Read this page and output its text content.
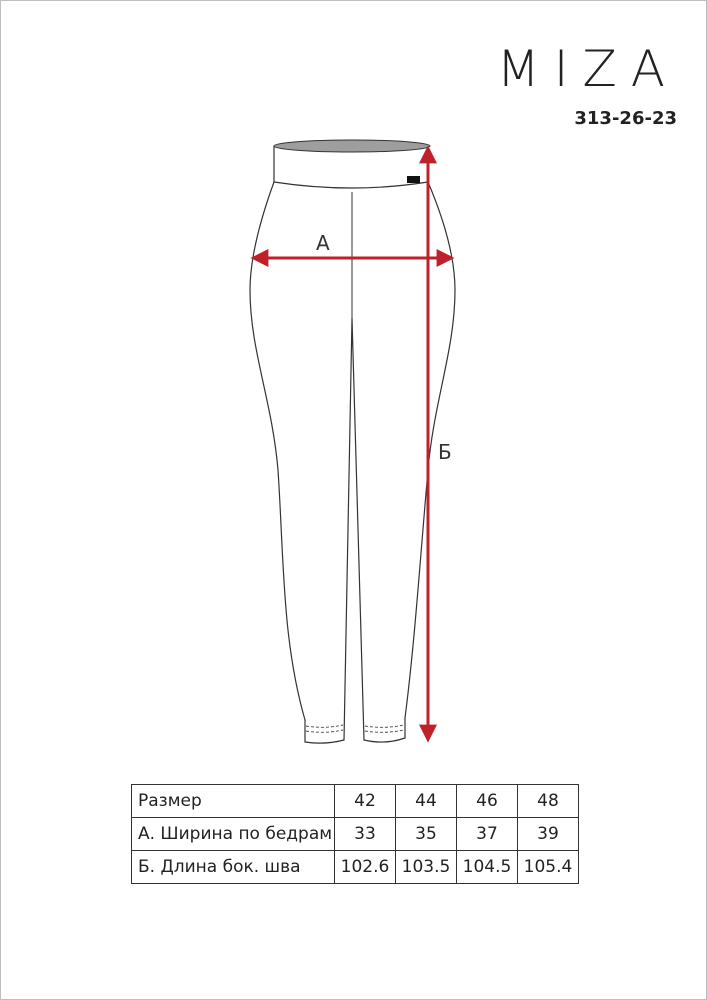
MIZA
313-26-23
А
Б
Размер	42	44	46	48
А. Ширина по бедрам	33	35	37	39
Б. Длина бок. шва	102.6	103.5	104.5	105.4
